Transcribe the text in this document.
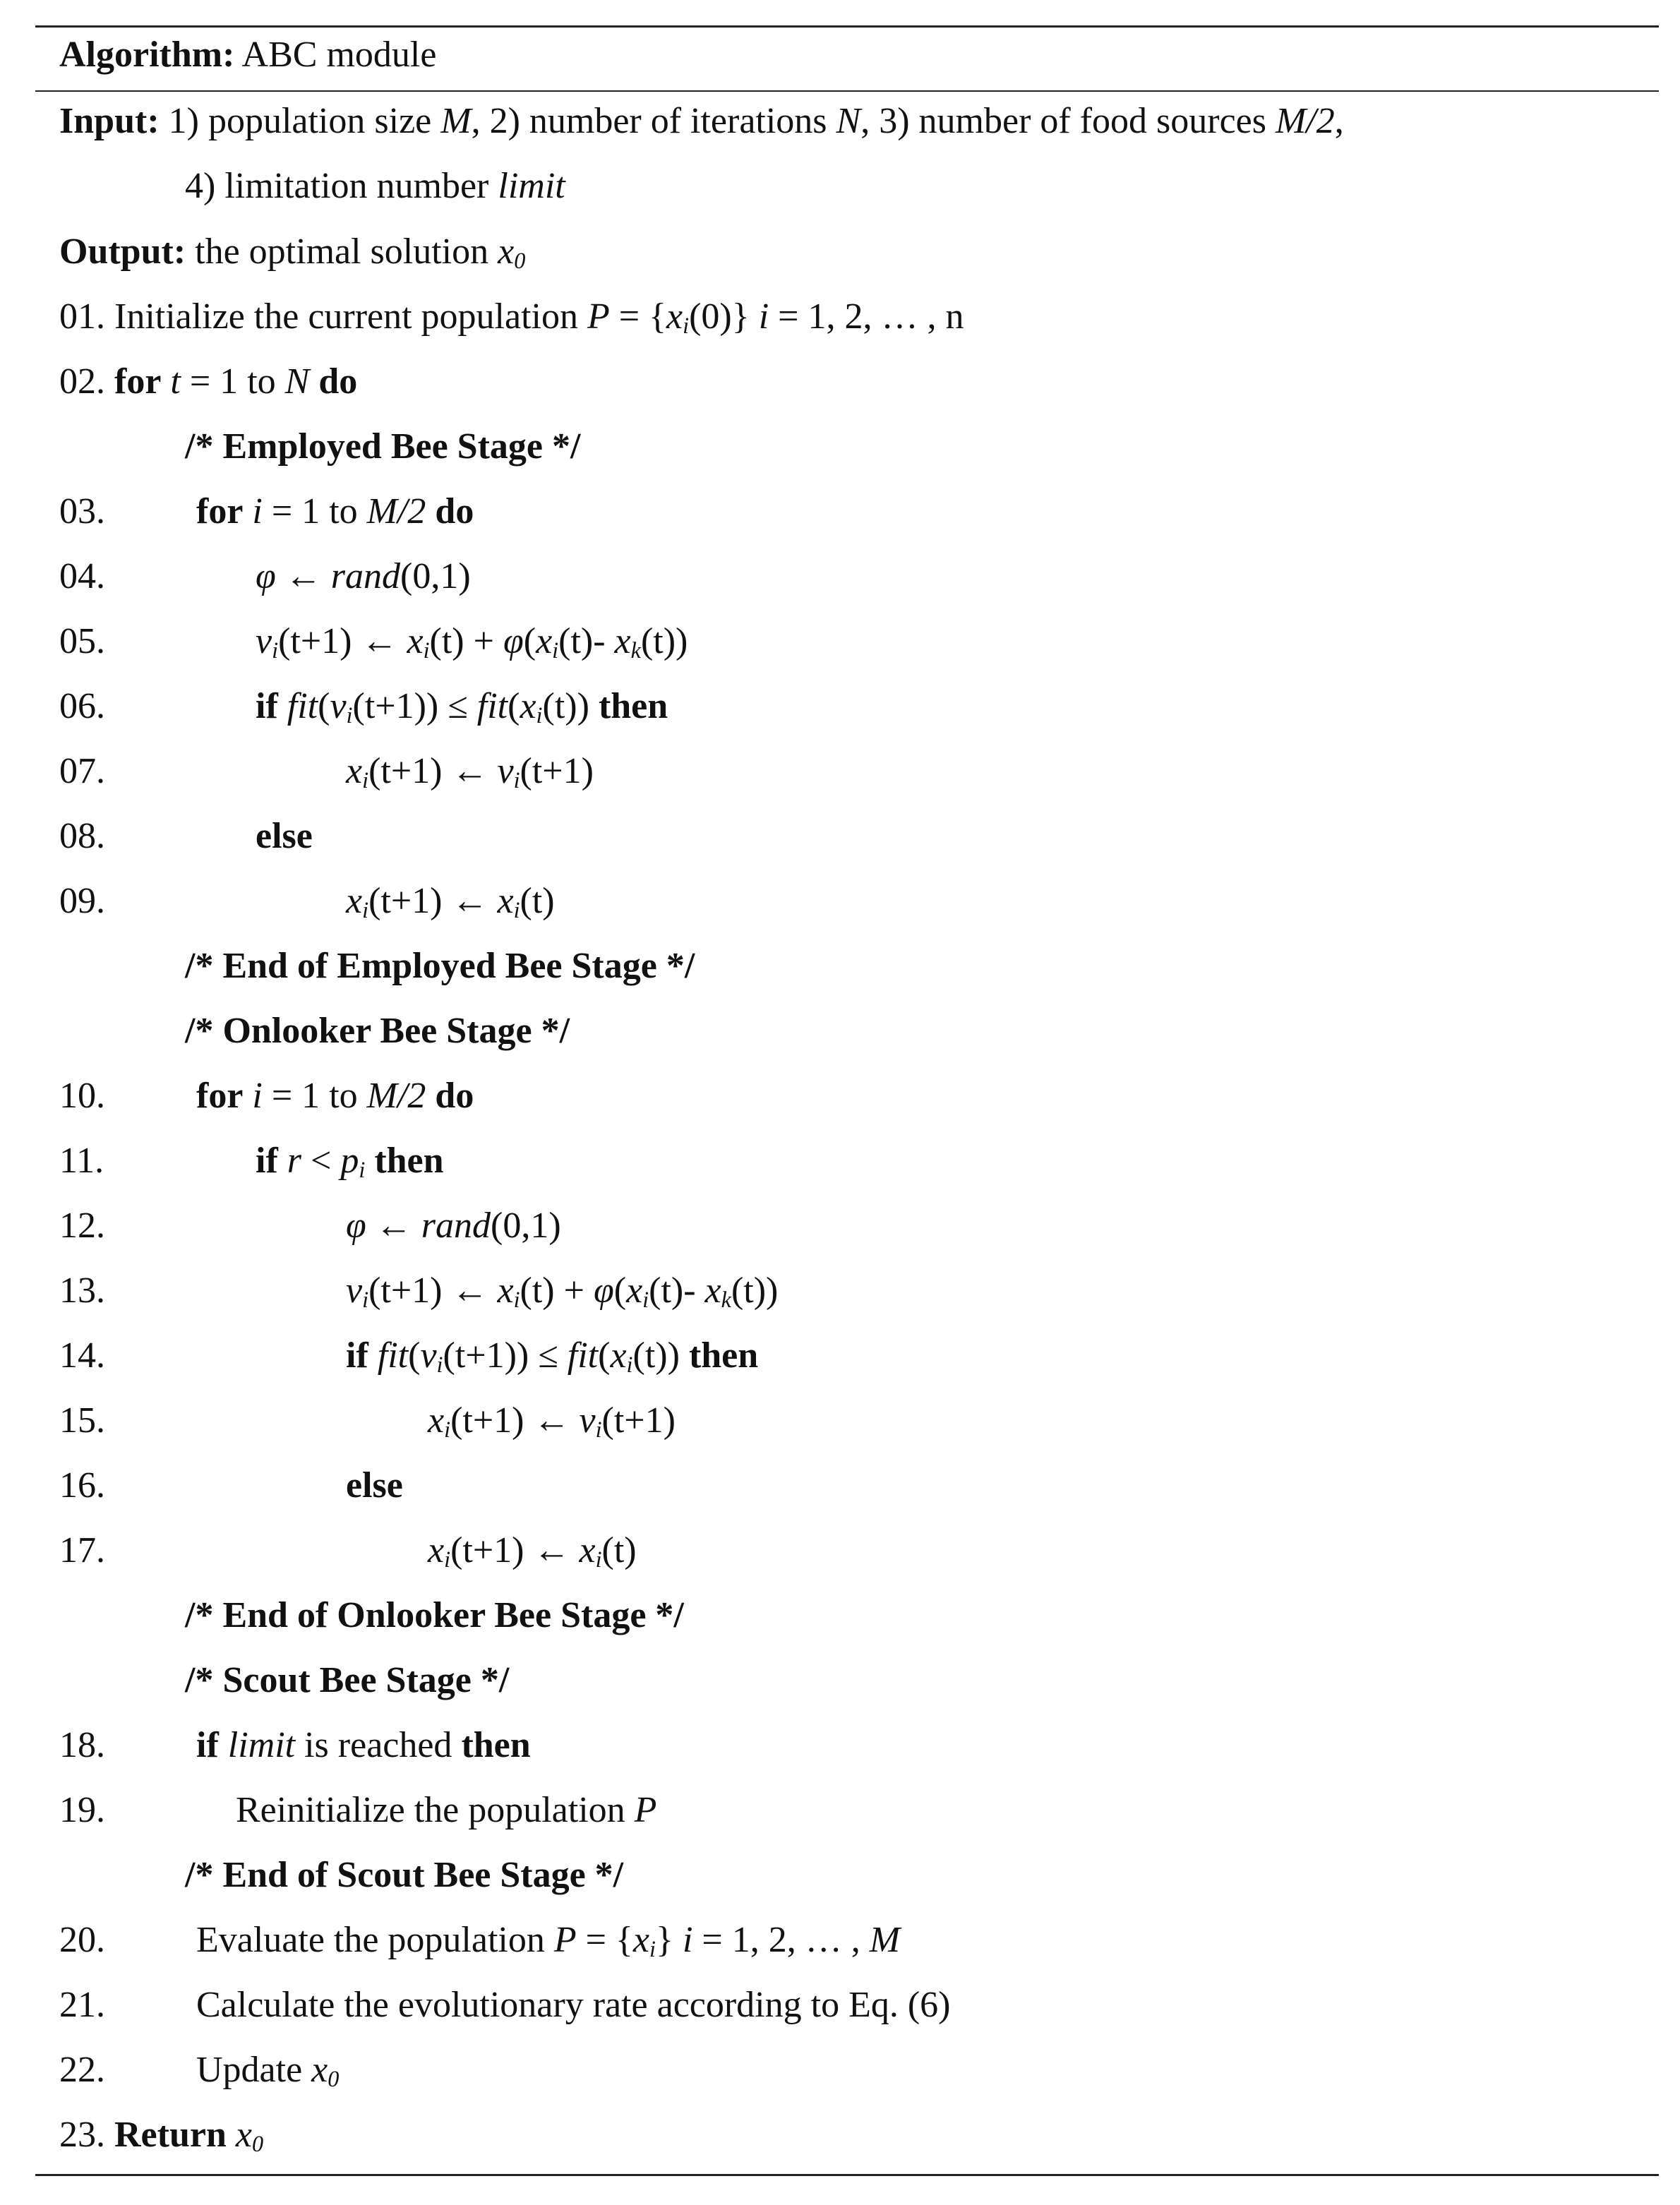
Algorithm: ABC module
Input: 1) population size M, 2) number of iterations N, 3) number of food sources M/2,
4) limitation number limit
Output: the optimal solution x0
01. Initialize the current population $P = \{x_i(0)\} i = 1$, 2, … , n
02. for t = 1 to N do
/* Employed Bee Stage */
03. for i = 1 to M/2 do
04.	φ ← rand(0,1)
05.	$v_i(t+1)$ ← $x_i(t) + \varphi(x_i(t)-$ $x_k(t)$)
06.	if $fit(v_i(t+1)) \le fit(x_i(t))$ then
07.	$x_i(t+1)$ ← $v_i(t+1)$
08.	else
09.	$x_i(t+1)$ ← $x_i(t)$
/* End of Employed Bee Stage */
/* Onlooker Bee Stage */
10. for i = 1 to M/2 do
11.	if $r < p_i$ then
12.	φ ← rand(0,1)
13.	$v_i(t+1)$ ← $x_i(t) + \varphi(x_i(t)-$ $x_k(t)$)
14.	if $fit(v_i(t+1)) \le fit(x_i(t))$ then
15.	$x_i(t+1)$ ← $v_i(t+1)$
16.	else
17.	$x_i(t+1)$ ← $x_i(t)$
/* End of Onlooker Bee Stage */
/* Scout Bee Stage */
18. if limit is reached then
19.	Reinitialize the population P
/* End of Scout Bee Stage */
20. Evaluate the population $P = \{x_i\} i = 1$, 2, … , M
21. Calculate the evolutionary rate according to Eq. (6)
22. Update x0
23. Return x0
